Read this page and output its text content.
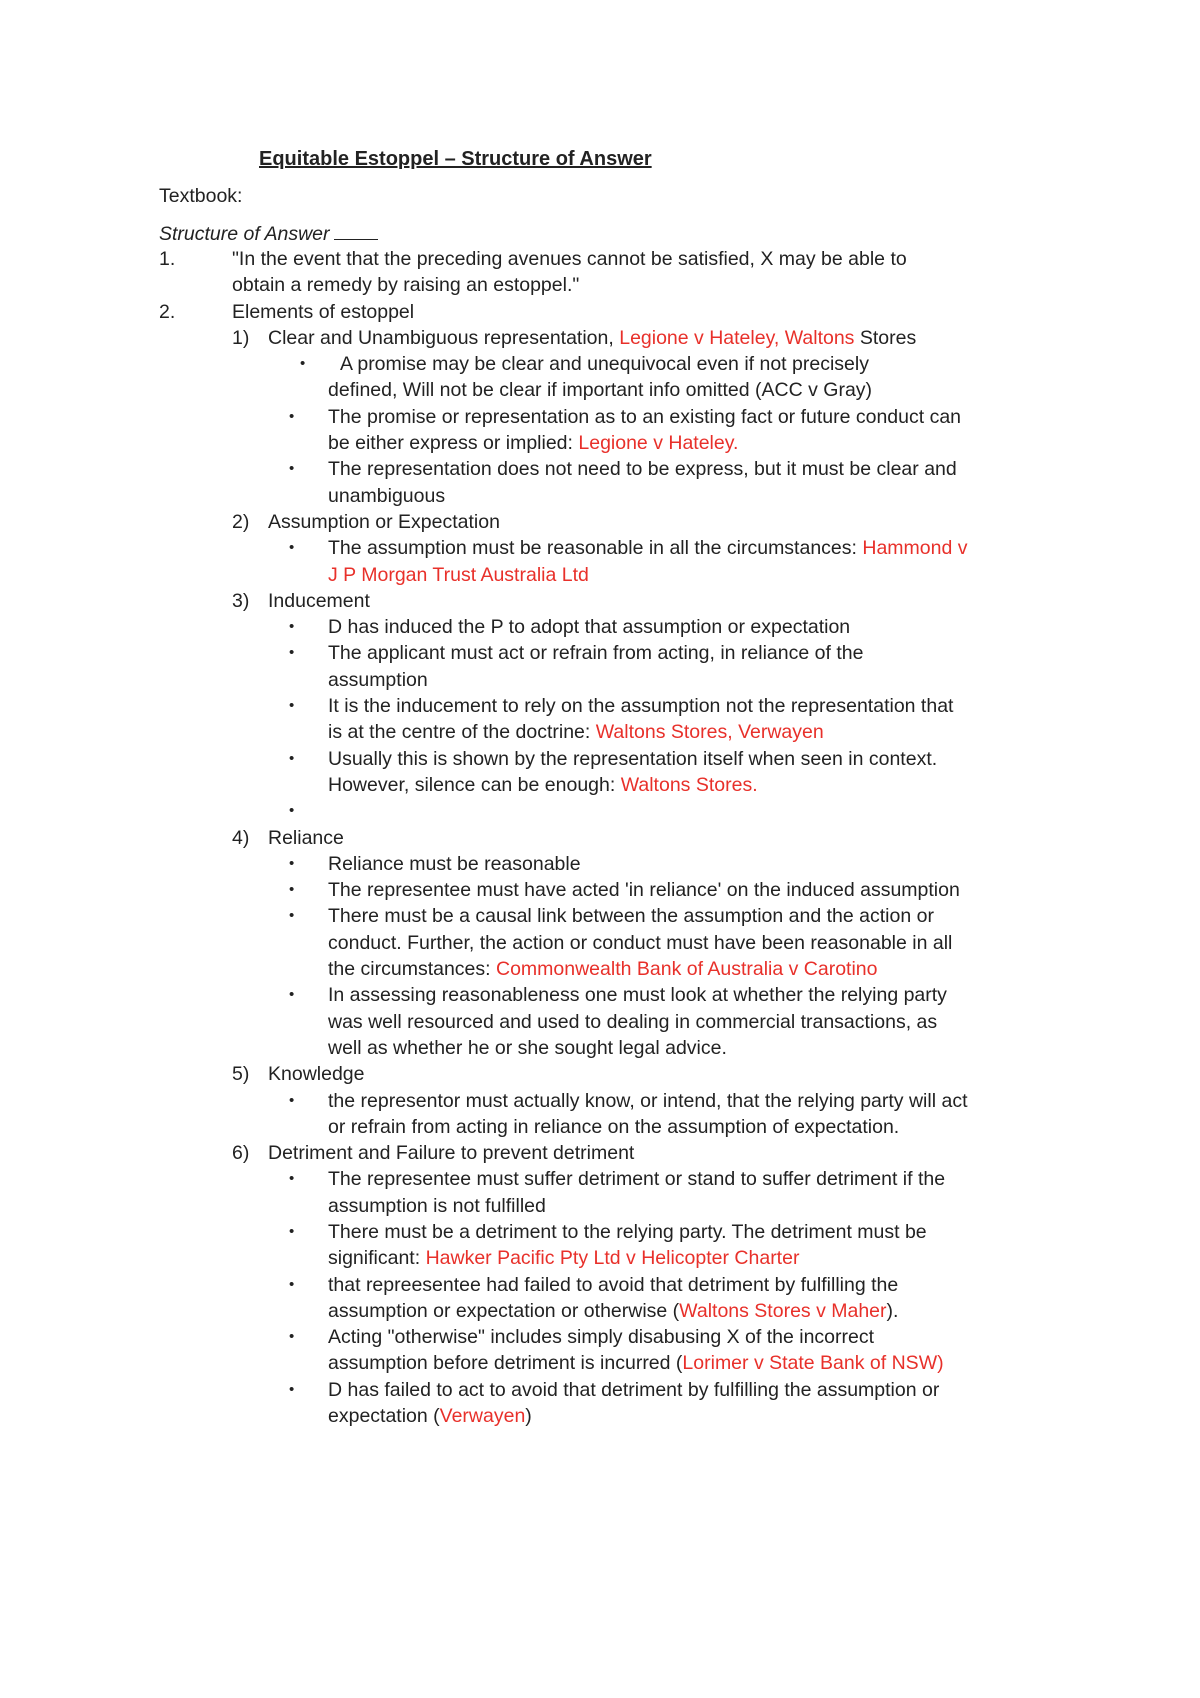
Equitable Estoppel – Structure of Answer
Textbook:
Structure of Answer
1.	"In the event that the preceding avenues cannot be satisfied, X may be able to
obtain a remedy by raising an estoppel."
2.	Elements of estoppel
1) Clear and Unambiguous representation, Legione v Hateley, Waltons Stores
• A promise may be clear and unequivocal even if not precisely
defined, Will not be clear if important info omitted (ACC v Gray)
• The promise or representation as to an existing fact or future conduct can
be either express or implied: Legione v Hateley.
• The representation does not need to be express, but it must be clear and
unambiguous
2) Assumption or Expectation
• The assumption must be reasonable in all the circumstances: Hammond v
J P Morgan Trust Australia Ltd
3) Inducement
• D has induced the P to adopt that assumption or expectation
• The applicant must act or refrain from acting, in reliance of the
assumption
• It is the inducement to rely on the assumption not the representation that
is at the centre of the doctrine: Waltons Stores, Verwayen
• Usually this is shown by the representation itself when seen in context.
However, silence can be enough: Waltons Stores.
•

4) Reliance
• Reliance must be reasonable
• The representee must have acted 'in reliance' on the induced assumption
• There must be a causal link between the assumption and the action or
conduct. Further, the action or conduct must have been reasonable in all
the circumstances: Commonwealth Bank of Australia v Carotino
• In assessing reasonableness one must look at whether the relying party
was well resourced and used to dealing in commercial transactions, as
well as whether he or she sought legal advice.
5) Knowledge
• the representor must actually know, or intend, that the relying party will act
or refrain from acting in reliance on the assumption of expectation.
6) Detriment and Failure to prevent detriment
• The representee must suffer detriment or stand to suffer detriment if the
assumption is not fulfilled
• There must be a detriment to the relying party. The detriment must be
significant: Hawker Pacific Pty Ltd v Helicopter Charter
• that repreesentee had failed to avoid that detriment by fulfilling the
assumption or expectation or otherwise (Waltons Stores v Maher).
• Acting "otherwise" includes simply disabusing X of the incorrect
assumption before detriment is incurred (Lorimer v State Bank of NSW)
• D has failed to act to avoid that detriment by fulfilling the assumption or
expectation (Verwayen)
